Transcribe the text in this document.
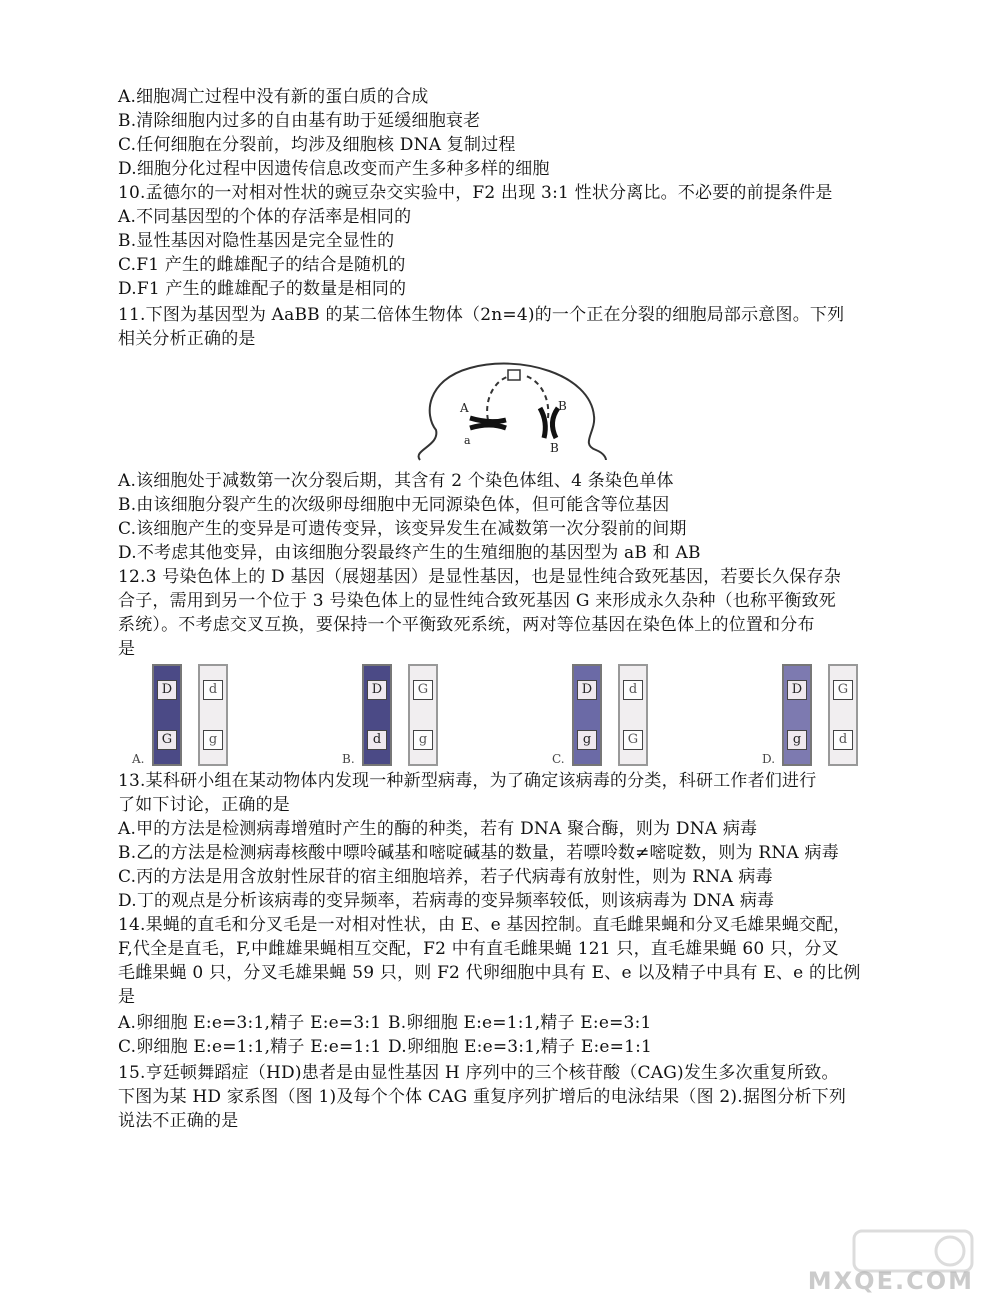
A.细胞凋亡过程中没有新的蛋白质的合成
B.清除细胞内过多的自由基有助于延缓细胞衰老
C.任何细胞在分裂前，均涉及细胞核 DNA 复制过程
D.细胞分化过程中因遗传信息改变而产生多种多样的细胞
10.孟德尔的一对相对性状的豌豆杂交实验中，F2 出现 3:1 性状分离比。不必要的前提条件是
A.不同基因型的个体的存活率是相同的
B.显性基因对隐性基因是完全显性的
C.F1 产生的雌雄配子的结合是随机的
D.F1 产生的雌雄配子的数量是相同的
11.下图为基因型为 AaBB 的某二倍体生物体（2n=4)的一个正在分裂的细胞局部示意图。下列
相关分析正确的是
A
a
B
B
A.该细胞处于减数第一次分裂后期，其含有 2 个染色体组、4 条染色单体
B.由该细胞分裂产生的次级卵母细胞中无同源染色体，但可能含等位基因
C.该细胞产生的变异是可遗传变异，该变异发生在减数第一次分裂前的间期
D.不考虑其他变异，由该细胞分裂最终产生的生殖细胞的基因型为 aB 和 AB
12.3 号染色体上的 D 基因（展翅基因）是显性基因，也是显性纯合致死基因，若要长久保存杂
合子，需用到另一个位于 3 号染色体上的显性纯合致死基因 G 来形成永久杂种（也称平衡致死
系统）。不考虑交叉互换，要保持一个平衡致死系统，两对等位基因在染色体上的位置和分布
是
A.
D
G
d
g
B.
D
d
G
g
C.
D
g
d
G
D.
D
g
G
d
13.某科研小组在某动物体内发现一种新型病毒，为了确定该病毒的分类，科研工作者们进行
了如下讨论，正确的是
A.甲的方法是检测病毒增殖时产生的酶的种类，若有 DNA 聚合酶，则为 DNA 病毒
B.乙的方法是检测病毒核酸中嘌呤碱基和嘧啶碱基的数量，若嘌呤数≠嘧啶数，则为 RNA 病毒
C.丙的方法是用含放射性尿苷的宿主细胞培养，若子代病毒有放射性，则为 RNA 病毒
D.丁的观点是分析该病毒的变异频率，若病毒的变异频率较低，则该病毒为 DNA 病毒
14.果蝇的直毛和分叉毛是一对相对性状，由 E、e 基因控制。直毛雌果蝇和分叉毛雄果蝇交配，
F,代全是直毛，F,中雌雄果蝇相互交配，F2 中有直毛雌果蝇 121 只，直毛雄果蝇 60 只，分叉
毛雌果蝇 0 只，分叉毛雄果蝇 59 只，则 F2 代卵细胞中具有 E、e 以及精子中具有 E、e 的比例
是
A.卵细胞 E:e=3:1,精子 E:e=3:1 B.卵细胞 E:e=1:1,精子 E:e=3:1
C.卵细胞 E:e=1:1,精子 E:e=1:1 D.卵细胞 E:e=3:1,精子 E:e=1:1
15.亨廷顿舞蹈症（HD)患者是由显性基因 H 序列中的三个核苷酸（CAG)发生多次重复所致。
下图为某 HD 家系图（图 1)及每个个体 CAG 重复序列扩增后的电泳结果（图 2).据图分析下列
说法不正确的是
MXQE.COM
